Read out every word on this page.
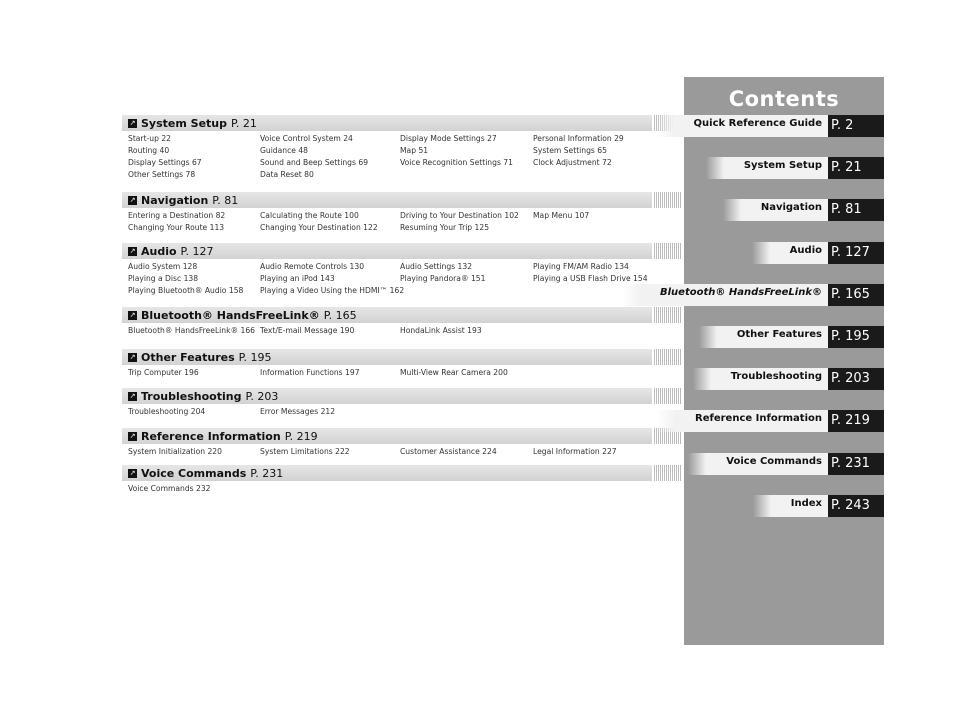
↗ System Setup P. 21
Start-up 22	Voice Control System 24	Display Mode Settings 27	Personal Information 29
Routing 40	Guidance 48	Map 51	System Settings 65
Display Settings 67	Sound and Beep Settings 69	Voice Recognition Settings 71	Clock Adjustment 72
Other Settings 78	Data Reset 80
↗ Navigation P. 81
Entering a Destination 82	Calculating the Route 100	Driving to Your Destination 102	Map Menu 107
Changing Your Route 113	Changing Your Destination 122	Resuming Your Trip 125
↗ Audio P. 127
Audio System 128	Audio Remote Controls 130	Audio Settings 132	Playing FM/AM Radio 134
Playing a Disc 138	Playing an iPod 143	Playing Pandora® 151	Playing a USB Flash Drive 154
Playing Bluetooth® Audio 158	Playing a Video Using the HDMI™ 162
↗ Bluetooth® HandsFreeLink® P. 165
Bluetooth® HandsFreeLink® 166 Text/E-mail Message 190	HondaLink Assist 193
↗ Other Features P. 195
Trip Computer 196	Information Functions 197	Multi-View Rear Camera 200
↗ Troubleshooting P. 203
Troubleshooting 204	Error Messages 212
↗ Reference Information P. 219
System Initialization 220	System Limitations 222	Customer Assistance 224	Legal Information 227
↗ Voice Commands P. 231
Voice Commands 232
Contents
Quick Reference Guide P. 2
System Setup P. 21
Navigation P. 81
Audio P. 127
Bluetooth® HandsFreeLink® P. 165
Other Features P. 195
Troubleshooting P. 203
Reference Information P. 219
Voice Commands P. 231
Index P. 243
